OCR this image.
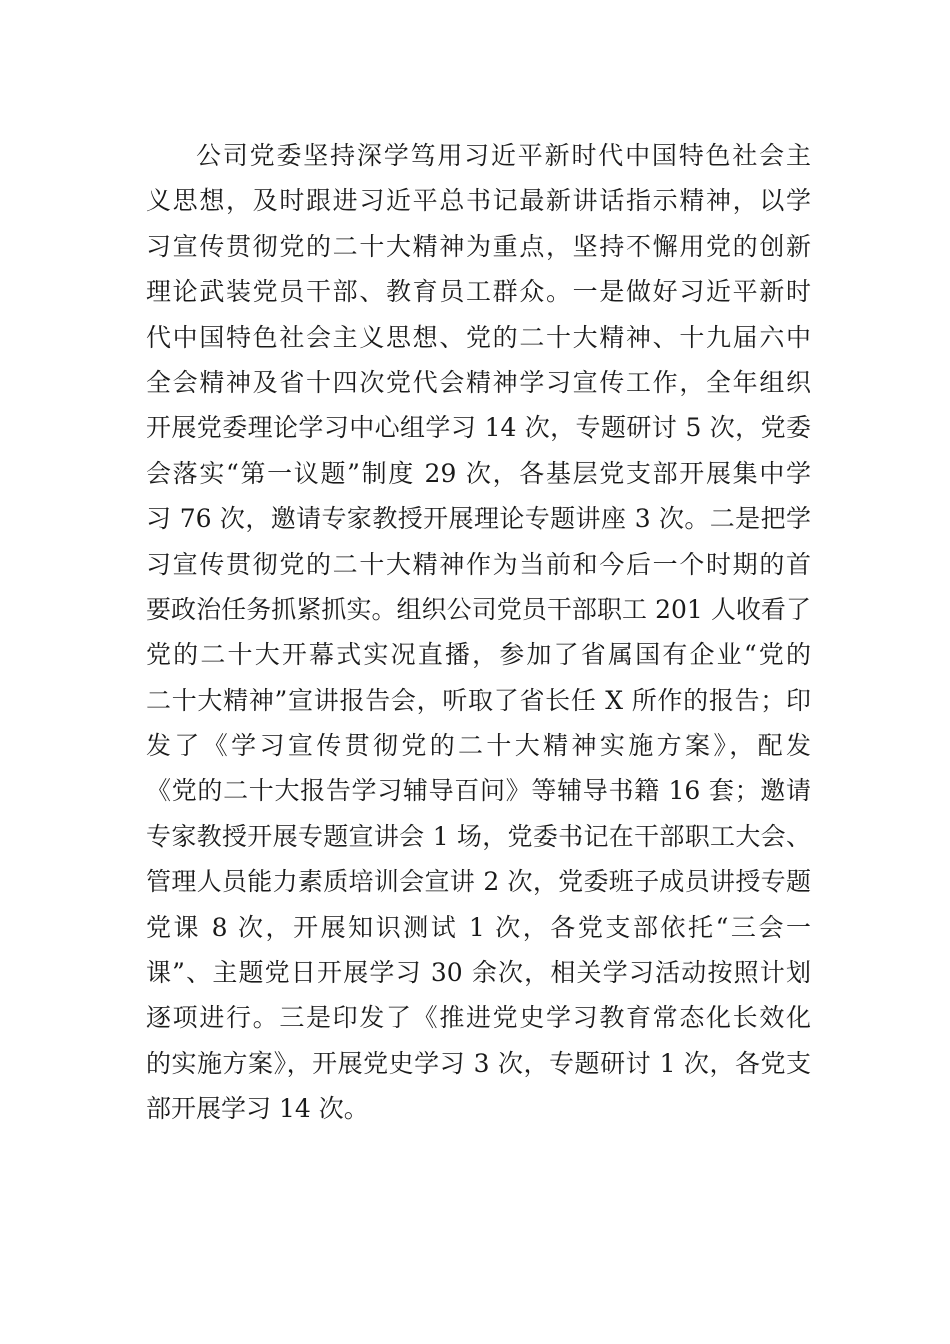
公司党委坚持深学笃用习近平新时代中国特色社会主
义思想，及时跟进习近平总书记最新讲话指示精神，以学
习宣传贯彻党的二十大精神为重点，坚持不懈用党的创新
理论武装党员干部、教育员工群众。一是做好习近平新时
代中国特色社会主义思想、党的二十大精神、十九届六中
全会精神及省十四次党代会精神学习宣传工作，全年组织
开展党委理论学习中心组学习 14 次，专题研讨 5 次，党委
会落实“第一议题”制度 29 次，各基层党支部开展集中学
习 76 次，邀请专家教授开展理论专题讲座 3 次。二是把学
习宣传贯彻党的二十大精神作为当前和今后一个时期的首
要政治任务抓紧抓实。组织公司党员干部职工 201 人收看了
党的二十大开幕式实况直播，参加了省属国有企业“党的
二十大精神”宣讲报告会，听取了省长任 X 所作的报告；印
发了《学习宣传贯彻党的二十大精神实施方案》，配发
《党的二十大报告学习辅导百问》等辅导书籍 16 套；邀请
专家教授开展专题宣讲会 1 场，党委书记在干部职工大会、
管理人员能力素质培训会宣讲 2 次，党委班子成员讲授专题
党课 8 次，开展知识测试 1 次，各党支部依托“三会一
课”、主题党日开展学习 30 余次，相关学习活动按照计划
逐项进行。三是印发了《推进党史学习教育常态化长效化
的实施方案》，开展党史学习 3 次，专题研讨 1 次，各党支
部开展学习 14 次。
